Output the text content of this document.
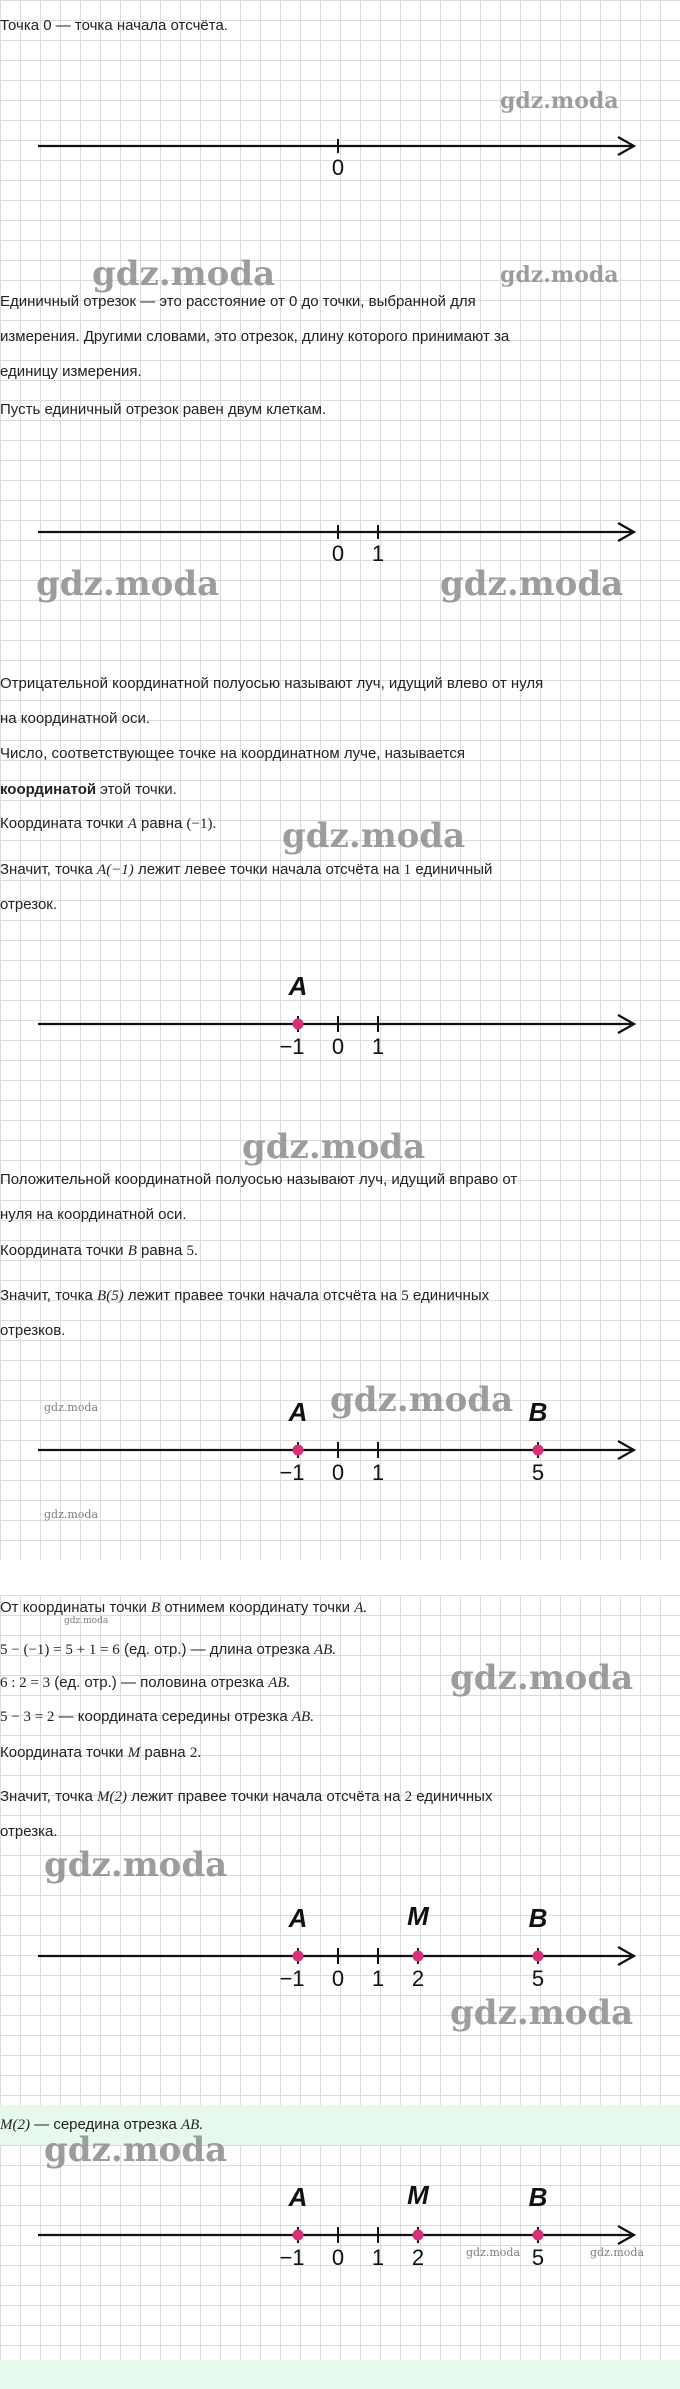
Точка 0 — точка начала отсчёта.
0
Единичный отрезок — это расстояние от 0 до точки, выбранной для
измерения. Другими словами, это отрезок, длину которого принимают за
единицу измерения.
Пусть единичный отрезок равен двум клеткам.
0 1
Отрицательной координатной полуосью называют луч, идущий влево от нуля
на координатной оси.
Число, соответствующее точке на координатном луче, называется
координатой этой точки.
Координата точки A равна (−1).
Значит, точка A(−1) лежит левее точки начала отсчёта на 1 единичный
отрезок.
A
−1 0 1
Положительной координатной полуосью называют луч, идущий вправо от
нуля на координатной оси.
Координата точки B равна 5.
Значит, точка B(5) лежит правее точки начала отсчёта на 5 единичных
отрезков.
A	B
−1 0 1	5
От координаты точки B отнимем координату точки A.
5 − (−1) = 5 + 1 = 6 (ед. отр.) — длина отрезка AB.
6 : 2 = 3 (ед. отр.) — половина отрезка AB.
5 − 3 = 2 — координата середины отрезка AB.
Координата точки M равна 2.
Значит, точка M(2) лежит правее точки начала отсчёта на 2 единичных
отрезка.
A	M	B
−1 0 1 2	5
M(2) — середина отрезка AB.
A	M	B
−1 0 1 2	5
gdz.moda
gdz.moda	gdz.moda
gdz.moda	gdz.moda
gdz.moda
gdz.moda
gdz.moda	gdz.moda
gdz.moda
gdz.moda
gdz.moda
gdz.moda
gdz.moda
gdz.moda
gdz.moda	gdz.moda
